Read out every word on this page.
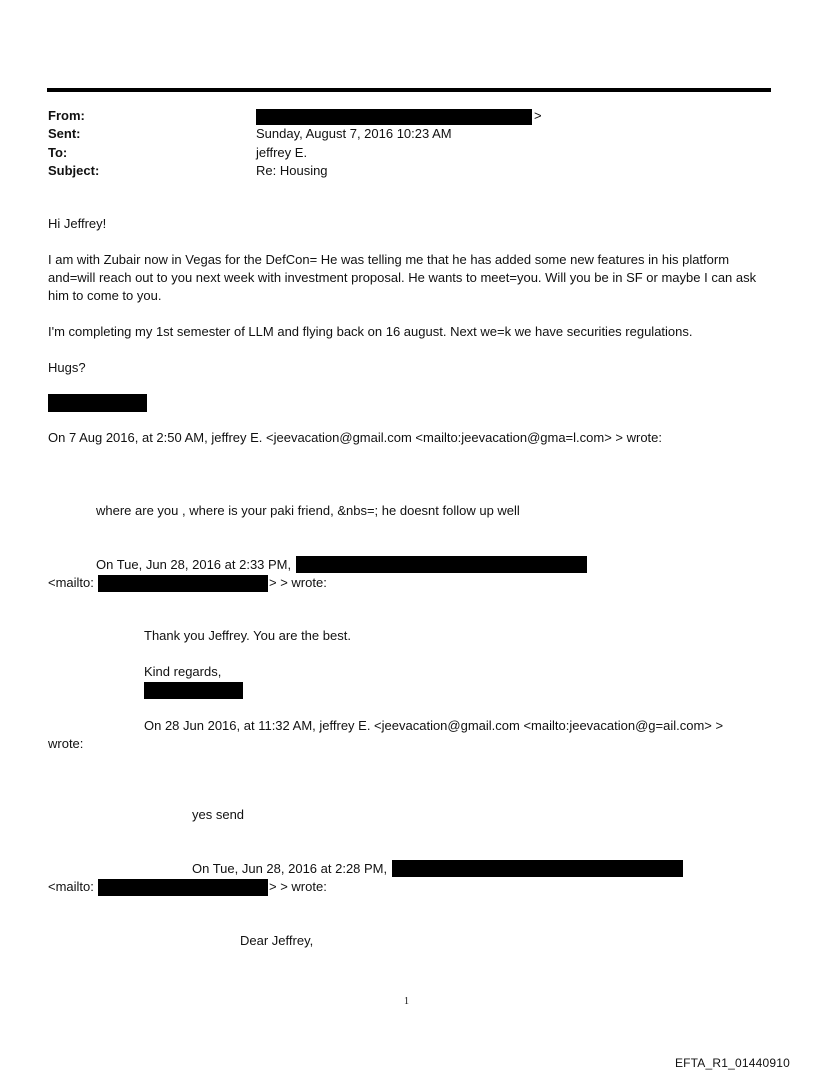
From:	>
Sent:	Sunday, August 7, 2016 10:23 AM
To:	jeffrey E.
Subject:	Re: Housing
Hi Jeffrey!
I am with Zubair now in Vegas for the DefCon= He was telling me that he has added some new features in his platform and=will reach out to you next week with investment proposal. He wants to meet=you. Will you be in SF or maybe I can ask him to come to you.
I'm completing my 1st semester of LLM and flying back on 16 august. Next we=k we have securities regulations.
Hugs?
On 7 Aug 2016, at 2:50 AM, jeffrey E. <jeevacation@gmail.com <mailto:jeevacation@gma=l.com> > wrote:
where are you , where is your paki friend, &nbs=; he doesnt follow up well
On Tue, Jun 28, 2016 at 2:33 PM,
<mailto:	> > wrote:
Thank you Jeffrey. You are the best.
Kind regards,
On 28 Jun 2016, at 11:32 AM, jeffrey E. <jeevacation@gmail.com <mailto:jeevacation@g=ail.com> >
wrote:
yes send
On Tue, Jun 28, 2016 at 2:28 PM,
<mailto:	> > wrote:
Dear Jeffrey,
1
EFTA_R1_01440910
